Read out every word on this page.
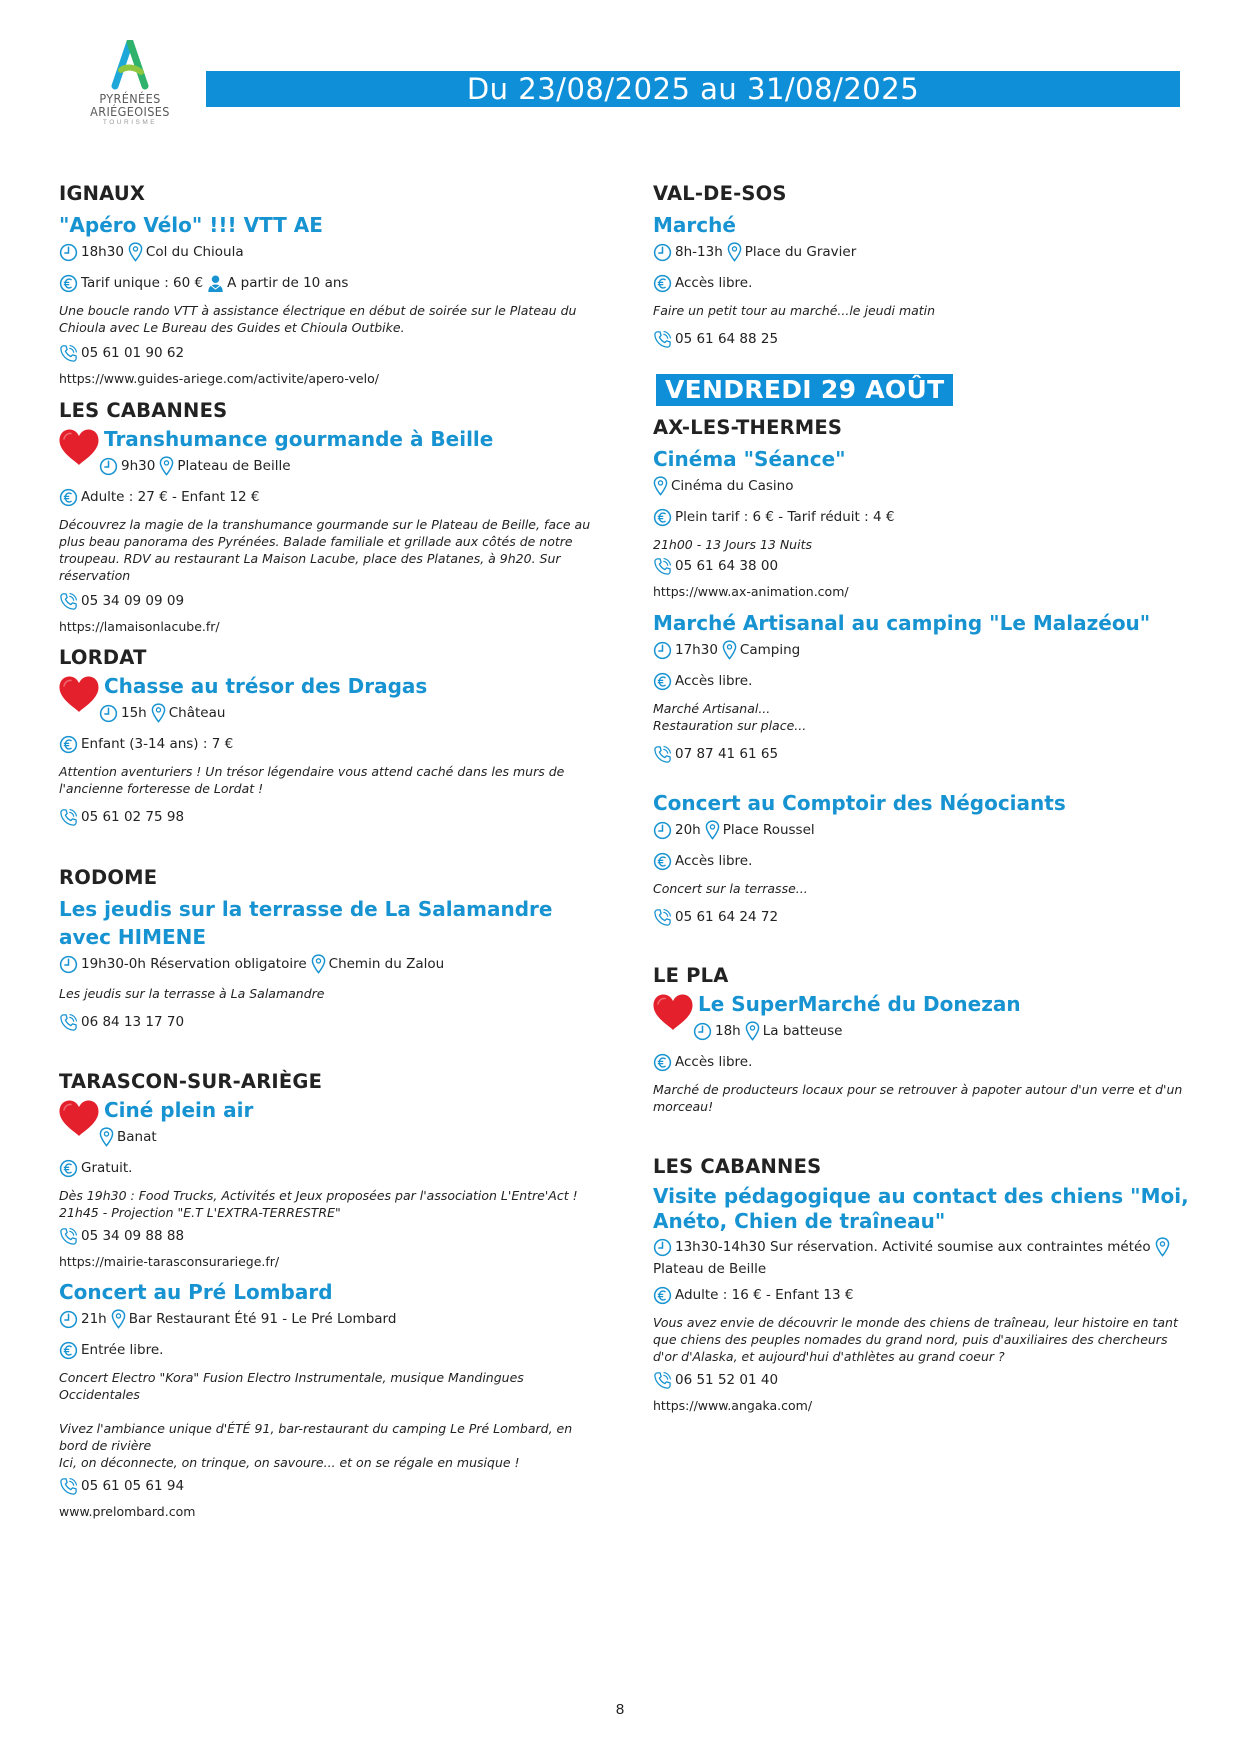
PYRÉNÉES
ARIÉGEOISES
TOURISME
Du 23/08/2025 au 31/08/2025
IGNAUX
"Apéro Vélo" !!! VTT AE
18h30 Col du Chioula
Tarif unique : 60 € A partir de 10 ans
Une boucle rando VTT à assistance électrique en début de soirée sur le Plateau du Chioula avec Le Bureau des Guides et Chioula Outbike.
05 61 01 90 62
https://www.guides-ariege.com/activite/apero-velo/
LES CABANNES
Transhumance gourmande à Beille
9h30 Plateau de Beille
Adulte : 27 € - Enfant 12 €
Découvrez la magie de la transhumance gourmande sur le Plateau de Beille, face au plus beau panorama des Pyrénées. Balade familiale et grillade aux côtés de notre troupeau. RDV au restaurant La Maison Lacube, place des Platanes, à 9h20. Sur réservation
05 34 09 09 09
https://lamaisonlacube.fr/
LORDAT
Chasse au trésor des Dragas
15h Château
Enfant (3-14 ans) : 7 €
Attention aventuriers ! Un trésor légendaire vous attend caché dans les murs de l'ancienne forteresse de Lordat !
05 61 02 75 98
RODOME
Les jeudis sur la terrasse de La Salamandre avec HIMENE
19h30-0h Réservation obligatoire Chemin du Zalou
Les jeudis sur la terrasse à La Salamandre
06 84 13 17 70
TARASCON-SUR-ARIÈGE
Ciné plein air
Banat
Gratuit.
Dès 19h30 : Food Trucks, Activités et Jeux proposées par l'association L'Entre'Act !
21h45 - Projection "E.T L'EXTRA-TERRESTRE"
05 34 09 88 88
https://mairie-tarasconsurariege.fr/
Concert au Pré Lombard
21h Bar Restaurant Été 91 - Le Pré Lombard
Entrée libre.
Concert Electro "Kora" Fusion Electro Instrumentale, musique Mandingues Occidentales
Vivez l'ambiance unique d'ÉTÉ 91, bar-restaurant du camping Le Pré Lombard, en bord de rivière
Ici, on déconnecte, on trinque, on savoure... et on se régale en musique !
05 61 05 61 94
www.prelombard.com
VAL-DE-SOS
Marché
8h-13h Place du Gravier
Accès libre.
Faire un petit tour au marché...le jeudi matin
05 61 64 88 25
VENDREDI 29 AOÛT
AX-LES-THERMES
Cinéma "Séance"
Cinéma du Casino
Plein tarif : 6 € - Tarif réduit : 4 €
21h00 - 13 Jours 13 Nuits
05 61 64 38 00
https://www.ax-animation.com/
Marché Artisanal au camping "Le Malazéou"
17h30 Camping
Accès libre.
Marché Artisanal...
Restauration sur place...
07 87 41 61 65
Concert au Comptoir des Négociants
20h Place Roussel
Accès libre.
Concert sur la terrasse...
05 61 64 24 72
LE PLA
Le SuperMarché du Donezan
18h La batteuse
Accès libre.
Marché de producteurs locaux pour se retrouver à papoter autour d'un verre et d'un morceau!
LES CABANNES
Visite pédagogique au contact des chiens "Moi, Anéto, Chien de traîneau"
13h30-14h30 Sur réservation. Activité soumise aux contraintes météo
Plateau de Beille
Adulte : 16 € - Enfant 13 €
Vous avez envie de découvrir le monde des chiens de traîneau, leur histoire en tant que chiens des peuples nomades du grand nord, puis d'auxiliaires des chercheurs d'or d'Alaska, et aujourd'hui d'athlètes au grand coeur ?
06 51 52 01 40
https://www.angaka.com/
8
